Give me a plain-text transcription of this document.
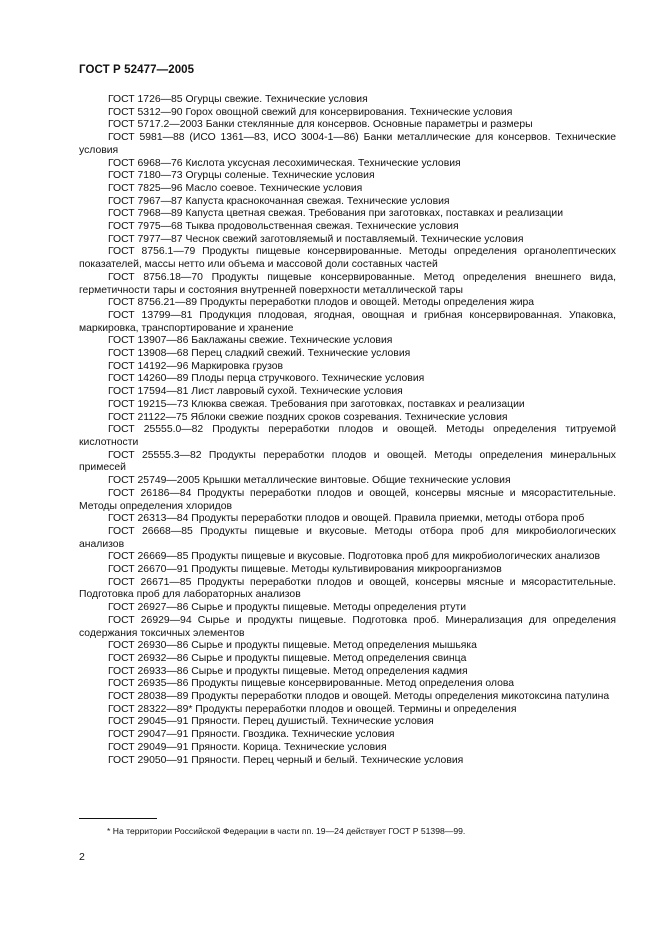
ГОСТ Р 52477—2005
ГОСТ 1726—85 Огурцы свежие. Технические условия
ГОСТ 5312—90 Горох овощной свежий для консервирования. Технические условия
ГОСТ 5717.2—2003 Банки стеклянные для консервов. Основные параметры и размеры
ГОСТ 5981—88 (ИСО 1361—83, ИСО 3004-1—86) Банки металлические для консервов. Технические условия
ГОСТ 6968—76 Кислота уксусная лесохимическая. Технические условия
ГОСТ 7180—73 Огурцы соленые. Технические условия
ГОСТ 7825—96 Масло соевое. Технические условия
ГОСТ 7967—87 Капуста краснокочанная свежая. Технические условия
ГОСТ 7968—89 Капуста цветная свежая. Требования при заготовках, поставках и реализации
ГОСТ 7975—68 Тыква продовольственная свежая. Технические условия
ГОСТ 7977—87 Чеснок свежий заготовляемый и поставляемый. Технические условия
ГОСТ 8756.1—79 Продукты пищевые консервированные. Методы определения органолептических показателей, массы нетто или объема и массовой доли составных частей
ГОСТ 8756.18—70 Продукты пищевые консервированные. Метод определения внешнего вида, герметичности тары и состояния внутренней поверхности металлической тары
ГОСТ 8756.21—89 Продукты переработки плодов и овощей. Методы определения жира
ГОСТ 13799—81 Продукция плодовая, ягодная, овощная и грибная консервированная. Упаковка, маркировка, транспортирование и хранение
ГОСТ 13907—86 Баклажаны свежие. Технические условия
ГОСТ 13908—68 Перец сладкий свежий. Технические условия
ГОСТ 14192—96 Маркировка грузов
ГОСТ 14260—89 Плоды перца стручкового. Технические условия
ГОСТ 17594—81 Лист лавровый сухой. Технические условия
ГОСТ 19215—73 Клюква свежая. Требования при заготовках, поставках и реализации
ГОСТ 21122—75 Яблоки свежие поздних сроков созревания. Технические условия
ГОСТ 25555.0—82 Продукты переработки плодов и овощей. Методы определения титруемой кислотности
ГОСТ 25555.3—82 Продукты переработки плодов и овощей. Методы определения минеральных примесей
ГОСТ 25749—2005 Крышки металлические винтовые. Общие технические условия
ГОСТ 26186—84 Продукты переработки плодов и овощей, консервы мясные и мясорастительные. Методы определения хлоридов
ГОСТ 26313—84 Продукты переработки плодов и овощей. Правила приемки, методы отбора проб
ГОСТ 26668—85 Продукты пищевые и вкусовые. Методы отбора проб для микробиологических анализов
ГОСТ 26669—85 Продукты пищевые и вкусовые. Подготовка проб для микробиологических анализов
ГОСТ 26670—91 Продукты пищевые. Методы культивирования микроорганизмов
ГОСТ 26671—85 Продукты переработки плодов и овощей, консервы мясные и мясорастительные. Подготовка проб для лабораторных анализов
ГОСТ 26927—86 Сырье и продукты пищевые. Методы определения ртути
ГОСТ 26929—94 Сырье и продукты пищевые. Подготовка проб. Минерализация для определения содержания токсичных элементов
ГОСТ 26930—86 Сырье и продукты пищевые. Метод определения мышьяка
ГОСТ 26932—86 Сырье и продукты пищевые. Метод определения свинца
ГОСТ 26933—86 Сырье и продукты пищевые. Метод определения кадмия
ГОСТ 26935—86 Продукты пищевые консервированные. Метод определения олова
ГОСТ 28038—89 Продукты переработки плодов и овощей. Методы определения микотоксина патулина
ГОСТ 28322—89* Продукты переработки плодов и овощей. Термины и определения
ГОСТ 29045—91 Пряности. Перец душистый. Технические условия
ГОСТ 29047—91 Пряности. Гвоздика. Технические условия
ГОСТ 29049—91 Пряности. Корица. Технические условия
ГОСТ 29050—91 Пряности. Перец черный и белый. Технические условия
* На территории Российской Федерации в части пп. 19—24 действует ГОСТ Р 51398—99.
2
